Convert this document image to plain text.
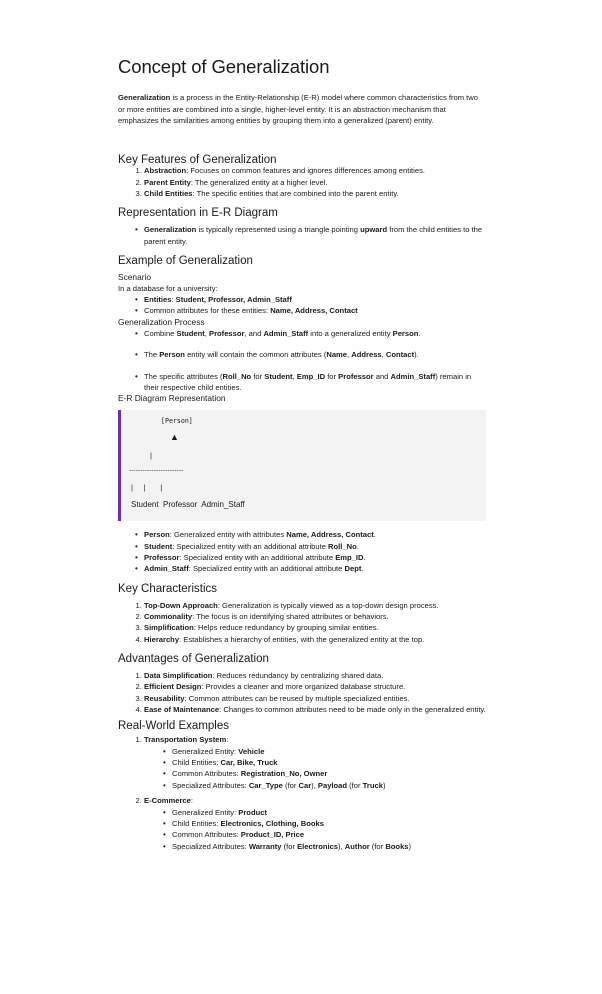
Concept of Generalization

Generalization is a process in the Entity-Relationship (E-R) model where common characteristics from two or more entities are combined into a single, higher-level entity. It is an abstraction mechanism that emphasizes the similarities among entities by grouping them into a generalized (parent) entity.

Key Features of Generalization
1. Abstraction: Focuses on common features and ignores differences among entities.
2. Parent Entity: The generalized entity at a higher level.
3. Child Entities: The specific entities that are combined into the parent entity.
Representation in E-R Diagram
• Generalization is typically represented using a triangle pointing upward from the child entities to the parent entity.
Example of Generalization
Scenario

In a database for a university:

• Entities: Student, Professor, Admin_Staff
• Common attributes for these entities: Name, Address, Contact
Generalization Process
• Combine Student, Professor, and Admin_Staff into a generalized entity Person.
• The Person entity will contain the common attributes (Name, Address, Contact).
• The specific attributes (Roll_No for Student, Emp_ID for Professor and Admin_Staff) remain in their respective child entities.
E-R Diagram Representation
[Person]
▲
|
------------------------
|     |       |
Student  Professor  Admin_Staff
• Person: Generalized entity with attributes Name, Address, Contact.
• Student: Specialized entity with an additional attribute Roll_No.
• Professor: Specialized entity with an additional attribute Emp_ID.
• Admin_Staff: Specialized entity with an additional attribute Dept.
Key Characteristics
1. Top-Down Approach: Generalization is typically viewed as a top-down design process.
2. Commonality: The focus is on identifying shared attributes or behaviors.
3. Simplification: Helps reduce redundancy by grouping similar entities.
4. Hierarchy: Establishes a hierarchy of entities, with the generalized entity at the top.
Advantages of Generalization
1. Data Simplification: Reduces redundancy by centralizing shared data.
2. Efficient Design: Provides a cleaner and more organized database structure.
3. Reusability: Common attributes can be reused by multiple specialized entities.
4. Ease of Maintenance: Changes to common attributes need to be made only in the generalized entity.
Real-World Examples
1. Transportation System:
• Generalized Entity: Vehicle
• Child Entities: Car, Bike, Truck
• Common Attributes: Registration_No, Owner
• Specialized Attributes: Car_Type (for Car), Payload (for Truck)
2. E-Commerce:
• Generalized Entity: Product
• Child Entities: Electronics, Clothing, Books
• Common Attributes: Product_ID, Price
• Specialized Attributes: Warranty (for Electronics), Author (for Books)
